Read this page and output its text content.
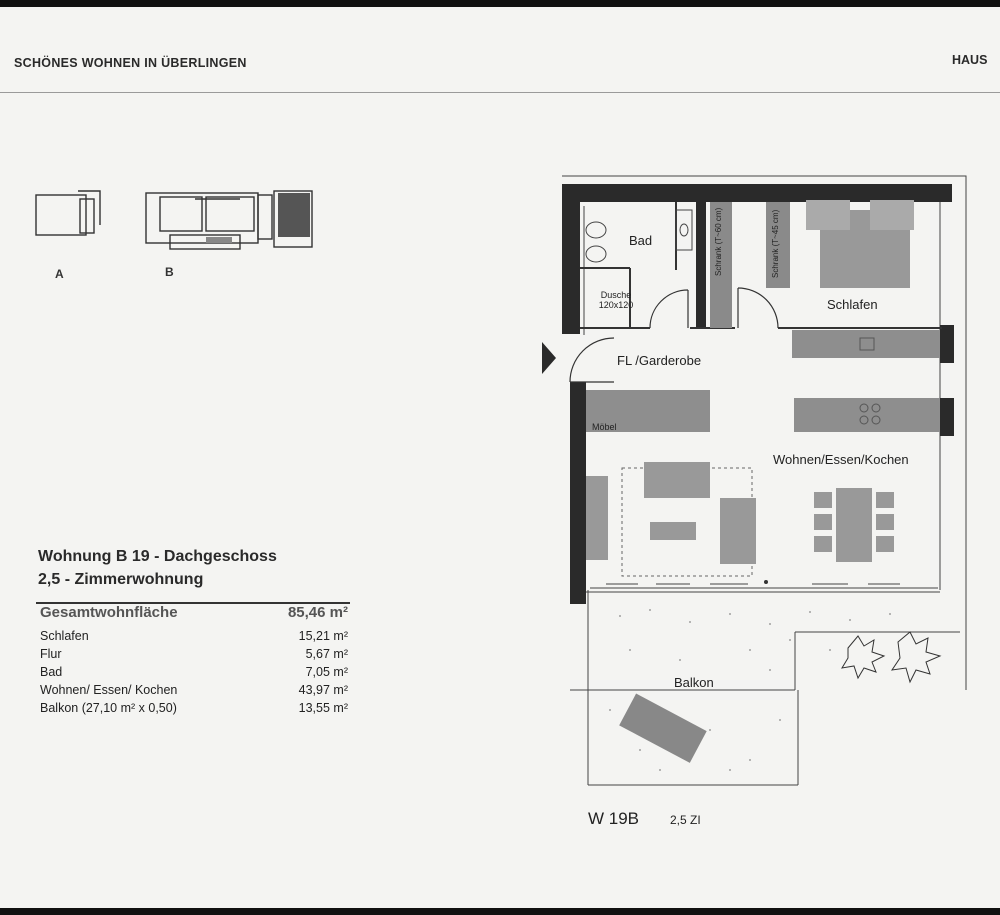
SCHÖNES WOHNEN IN ÜBERLINGEN	HAUS
A	B
Wohnung B 19 - Dachgeschoss
2,5 - Zimmerwohnung
Gesamtwohnfläche	85,46 m²
Schlafen	15,21 m²
Flur	5,67 m²
Bad	7,05 m²
Wohnen/ Essen/ Kochen	43,97 m²
Balkon (27,10 m² x 0,50)	13,55 m²
Bad
Dusche
120x120
Schrank (T~60 cm)	Schrank (T~45 cm)
Schlafen
FL /Garderobe
Möbel
Wohnen/Essen/Kochen
Balkon
W 19B	2,5 ZI
